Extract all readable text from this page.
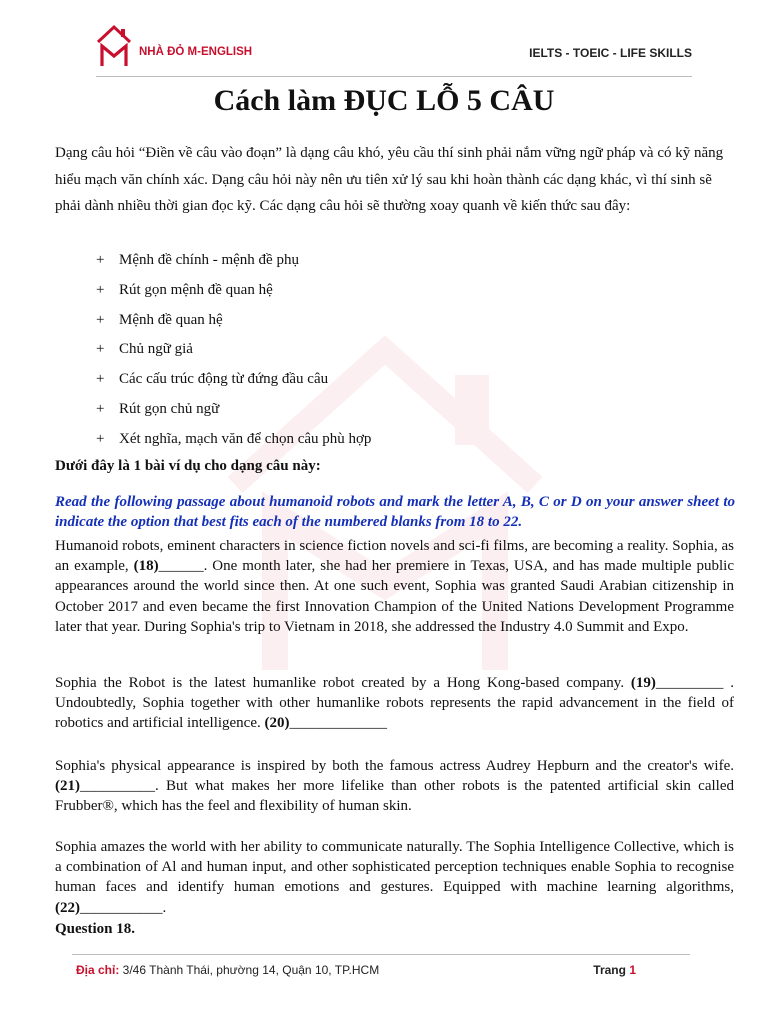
NHÀ ĐỎ M-ENGLISH	IELTS - TOEIC - LIFE SKILLS
Cách làm ĐỤC LỖ 5 CÂU
Dạng câu hỏi “Điền về câu vào đoạn” là dạng câu khó, yêu cầu thí sinh phải nắm vững ngữ pháp và có kỹ năng hiểu mạch văn chính xác. Dạng câu hỏi này nên ưu tiên xử lý sau khi hoàn thành các dạng khác, vì thí sinh sẽ phải dành nhiều thời gian đọc kỹ. Các dạng câu hỏi sẽ thường xoay quanh về kiến thức sau đây:
+ Mệnh đề chính - mệnh đề phụ
+ Rút gọn mệnh đề quan hệ
+ Mệnh đề quan hệ
+ Chủ ngữ giả
+ Các cấu trúc động từ đứng đầu câu
+ Rút gọn chủ ngữ
+ Xét nghĩa, mạch văn để chọn câu phù hợp
Dưới đây là 1 bài ví dụ cho dạng câu này:
Read the following passage about humanoid robots and mark the letter A, B, C or D on your answer sheet to indicate the option that best fits each of the numbered blanks from 18 to 22.
Humanoid robots, eminent characters in science fiction novels and sci-fi films, are becoming a reality. Sophia, as an example, (18)______. One month later, she had her premiere in Texas, USA, and has made multiple public appearances around the world since then. At one such event, Sophia was granted Saudi Arabian citizenship in October 2017 and even became the first Innovation Champion of the United Nations Development Programme later that year. During Sophia's trip to Vietnam in 2018, she addressed the Industry 4.0 Summit and Expo.
Sophia the Robot is the latest humanlike robot created by a Hong Kong-based company. (19)_________ . Undoubtedly, Sophia together with other humanlike robots represents the rapid advancement in the field of robotics and artificial intelligence. (20)_____________
Sophia's physical appearance is inspired by both the famous actress Audrey Hepburn and the creator's wife. (21)__________. But what makes her more lifelike than other robots is the patented artificial skin called Frubber®, which has the feel and flexibility of human skin.
Sophia amazes the world with her ability to communicate naturally. The Sophia Intelligence Collective, which is a combination of Al and human input, and other sophisticated perception techniques enable Sophia to recognise human faces and identify human emotions and gestures. Equipped with machine learning algorithms, (22)___________.
Question 18.
Địa chỉ: 3/46 Thành Thái, phường 14, Quận 10, TP.HCM	Trang 1
